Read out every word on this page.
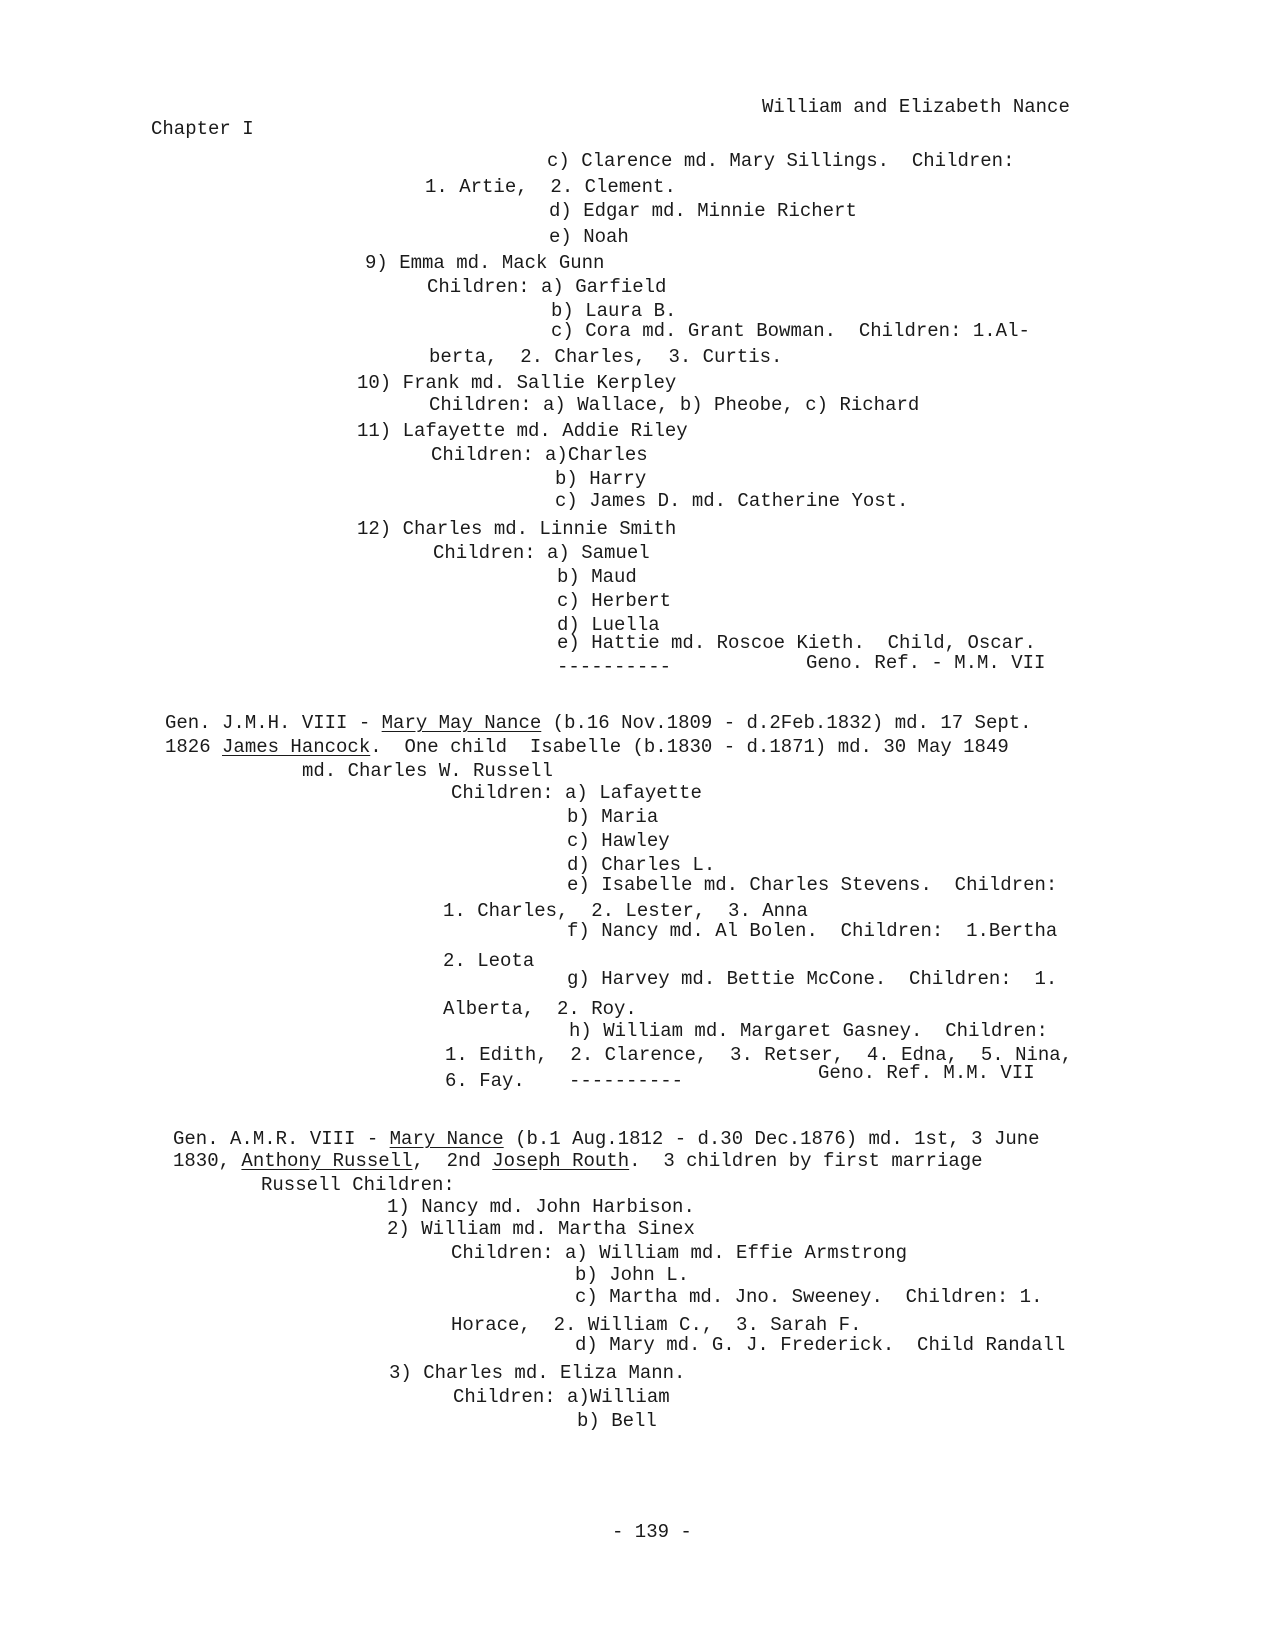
Chapter I
William and Elizabeth Nance
c) Clarence md. Mary Sillings.  Children:
1. Artie,  2. Clement.
d) Edgar md. Minnie Richert
e) Noah
9) Emma md. Mack Gunn
Children: a) Garfield
b) Laura B.
c) Cora md. Grant Bowman.  Children: 1.Al-
berta,  2. Charles,  3. Curtis.
10) Frank md. Sallie Kerpley
Children: a) Wallace, b) Pheobe, c) Richard
11) Lafayette md. Addie Riley
Children: a)Charles
b) Harry
c) James D. md. Catherine Yost.
12) Charles md. Linnie Smith
Children: a) Samuel
b) Maud
c) Herbert
d) Luella
e) Hattie md. Roscoe Kieth.  Child, Oscar.
----------	Geno. Ref. - M.M. VII
Gen. J.M.H. VIII - Mary May Nance (b.16 Nov.1809 - d.2Feb.1832) md. 17 Sept.
1826 James Hancock.  One child  Isabelle (b.1830 - d.1871) md. 30 May 1849
md. Charles W. Russell
Children: a) Lafayette
b) Maria
c) Hawley
d) Charles L.
e) Isabelle md. Charles Stevens.  Children:
1. Charles,  2. Lester,  3. Anna
f) Nancy md. Al Bolen.  Children:  1.Bertha
2. Leota
g) Harvey md. Bettie McCone.  Children:  1.
Alberta,  2. Roy.
h) William md. Margaret Gasney.  Children:
1. Edith,  2. Clarence,  3. Retser,  4. Edna,  5. Nina,
6. Fay. ----------	Geno. Ref. M.M. VII
Gen. A.M.R. VIII - Mary Nance (b.1 Aug.1812 - d.30 Dec.1876) md. 1st, 3 June
1830, Anthony Russell,  2nd Joseph Routh.  3 children by first marriage
Russell Children:
1) Nancy md. John Harbison.
2) William md. Martha Sinex
Children: a) William md. Effie Armstrong
b) John L.
c) Martha md. Jno. Sweeney.  Children: 1.
Horace,  2. William C.,  3. Sarah F.
d) Mary md. G. J. Frederick.  Child Randall
3) Charles md. Eliza Mann.
Children: a)William
b) Bell
- 139 -
